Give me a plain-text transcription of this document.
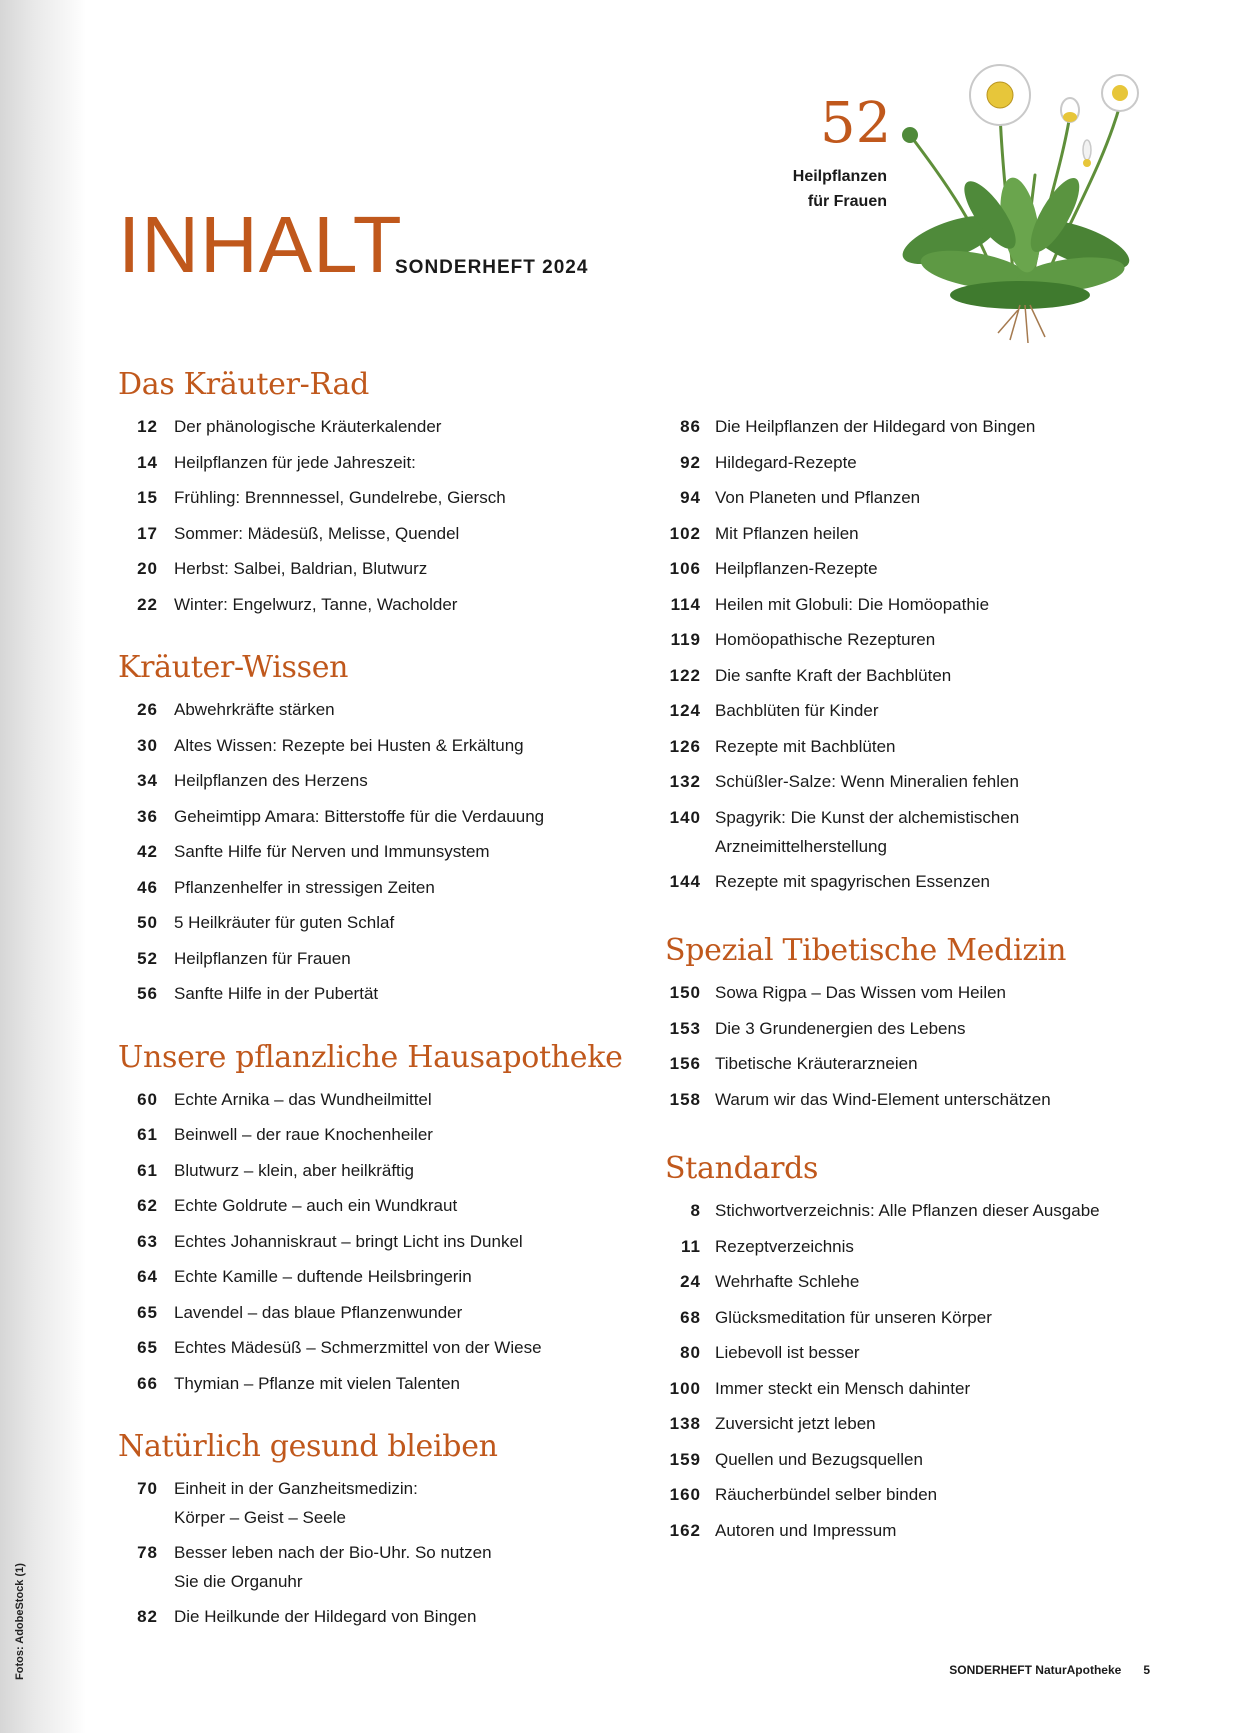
Fotos: AdobeStock (1)
INHALT
SONDERHEFT 2024
52
Heilpflanzen
für Frauen
Das Kräuter-Rad
12 Der phänologische Kräuterkalender
14 Heilpflanzen für jede Jahreszeit:
15 Frühling: Brennnessel, Gundelrebe, Giersch
17 Sommer: Mädesüß, Melisse, Quendel
20 Herbst: Salbei, Baldrian, Blutwurz
22 Winter: Engelwurz, Tanne, Wacholder
Kräuter-Wissen
26 Abwehrkräfte stärken
30 Altes Wissen: Rezepte bei Husten & Erkältung
34 Heilpflanzen des Herzens
36 Geheimtipp Amara: Bitterstoffe für die Verdauung
42 Sanfte Hilfe für Nerven und Immunsystem
46 Pflanzenhelfer in stressigen Zeiten
50 5 Heilkräuter für guten Schlaf
52 Heilpflanzen für Frauen
56 Sanfte Hilfe in der Pubertät
Unsere pflanzliche Hausapotheke
60 Echte Arnika – das Wundheilmittel
61 Beinwell – der raue Knochenheiler
61 Blutwurz – klein, aber heilkräftig
62 Echte Goldrute – auch ein Wundkraut
63 Echtes Johanniskraut – bringt Licht ins Dunkel
64 Echte Kamille – duftende Heilsbringerin
65 Lavendel – das blaue Pflanzenwunder
65 Echtes Mädesüß – Schmerzmittel von der Wiese
66 Thymian – Pflanze mit vielen Talenten
Natürlich gesund bleiben
70 Einheit in der Ganzheitsmedizin:
Körper – Geist – Seele
78 Besser leben nach der Bio-Uhr. So nutzen
Sie die Organuhr
82 Die Heilkunde der Hildegard von Bingen
86 Die Heilpflanzen der Hildegard von Bingen
92 Hildegard-Rezepte
94 Von Planeten und Pflanzen
102 Mit Pflanzen heilen
106 Heilpflanzen-Rezepte
114 Heilen mit Globuli: Die Homöopathie
119 Homöopathische Rezepturen
122 Die sanfte Kraft der Bachblüten
124 Bachblüten für Kinder
126 Rezepte mit Bachblüten
132 Schüßler-Salze: Wenn Mineralien fehlen
140 Spagyrik: Die Kunst der alchemistischen
Arzneimittelherstellung
144 Rezepte mit spagyrischen Essenzen
Spezial Tibetische Medizin
150 Sowa Rigpa – Das Wissen vom Heilen
153 Die 3 Grundenergien des Lebens
156 Tibetische Kräuterarzneien
158 Warum wir das Wind-Element unterschätzen
Standards
8 Stichwortverzeichnis: Alle Pflanzen dieser Ausgabe
11 Rezeptverzeichnis
24 Wehrhafte Schlehe
68 Glücksmeditation für unseren Körper
80 Liebevoll ist besser
100 Immer steckt ein Mensch dahinter
138 Zuversicht jetzt leben
159 Quellen und Bezugsquellen
160 Räucherbündel selber binden
162 Autoren und Impressum
SONDERHEFT NaturApotheke 5
